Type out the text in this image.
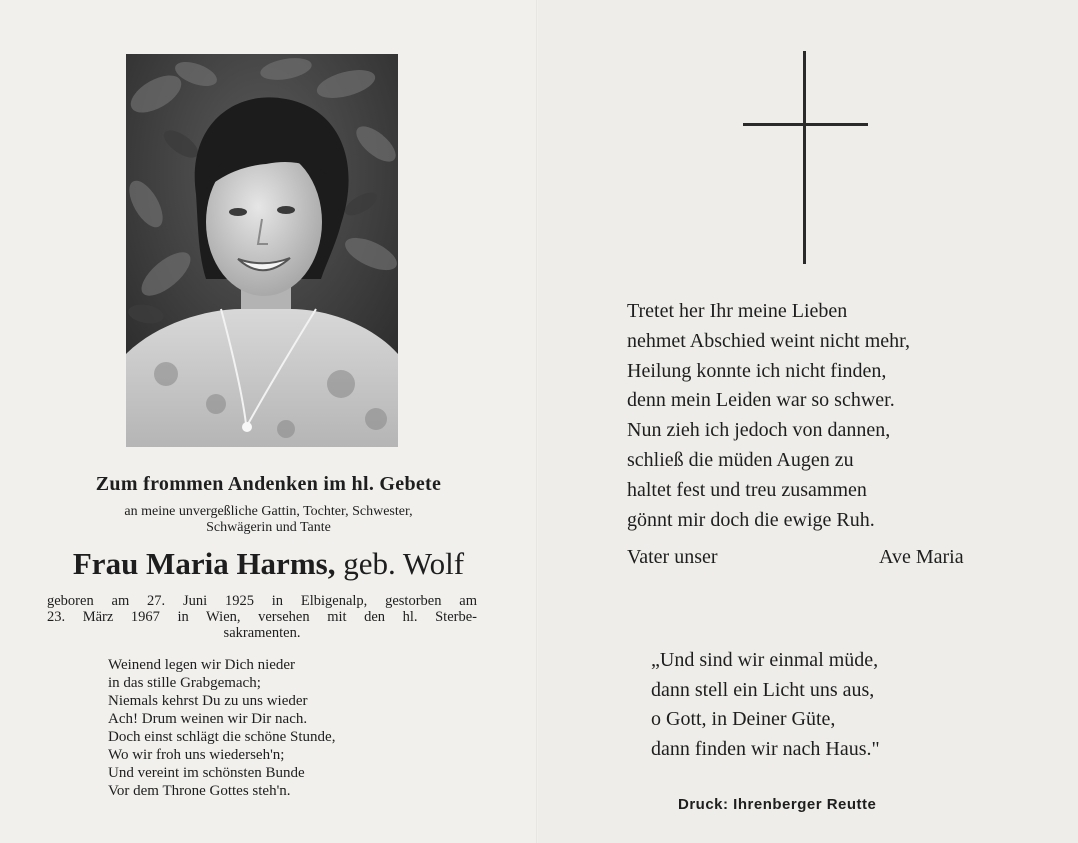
Zum frommen Andenken im hl. Gebete
an meine unvergeßliche Gattin, Tochter, Schwester,
Schwägerin und Tante
Frau Maria Harms, geb. Wolf
geboren am 27. Juni 1925 in Elbigenalp, gestorben am
23. März 1967 in Wien, versehen mit den hl. Sterbe-
sakramenten.
Weinend legen wir Dich nieder
in das stille Grabgemach;
Niemals kehrst Du zu uns wieder
Ach! Drum weinen wir Dir nach.
Doch einst schlägt die schöne Stunde,
Wo wir froh uns wiederseh'n;
Und vereint im schönsten Bunde
Vor dem Throne Gottes steh'n.
Tretet her Ihr meine Lieben
nehmet Abschied weint nicht mehr,
Heilung konnte ich nicht finden,
denn mein Leiden war so schwer.
Nun zieh ich jedoch von dannen,
schließ die müden Augen zu
haltet fest und treu zusammen
gönnt mir doch die ewige Ruh.
Vater unser	Ave Maria
„Und sind wir einmal müde,
dann stell ein Licht uns aus,
o Gott, in Deiner Güte,
dann finden wir nach Haus."
Druck: Ihrenberger Reutte
